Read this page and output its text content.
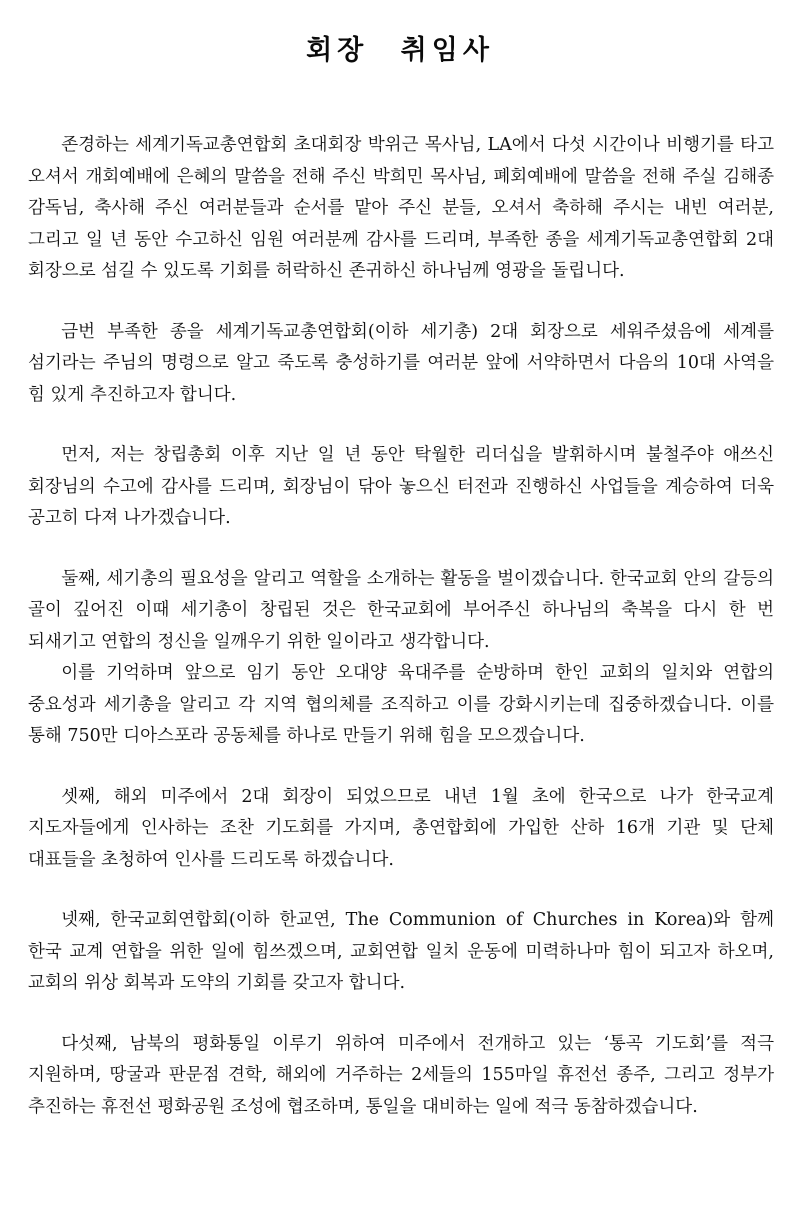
회장 취임사

존경하는 세계기독교총연합회 초대회장 박위근 목사님, LA에서 다섯 시간이나 비행기를 타고 오셔서 개회예배에 은혜의 말씀을 전해 주신 박희민 목사님, 폐회예배에 말씀을 전해 주실 김해종 감독님, 축사해 주신 여러분들과 순서를 맡아 주신 분들, 오셔서 축하해 주시는 내빈 여러분, 그리고 일 년 동안 수고하신 임원 여러분께 감사를 드리며, 부족한 종을 세계기독교총연합회 2대 회장으로 섬길 수 있도록 기회를 허락하신 존귀하신 하나님께 영광을 돌립니다.

금번 부족한 종을 세계기독교총연합회(이하 세기총) 2대 회장으로 세워주셨음에 세계를 섬기라는 주님의 명령으로 알고 죽도록 충성하기를 여러분 앞에 서약하면서 다음의 10대 사역을 힘 있게 추진하고자 합니다.

먼저, 저는 창립총회 이후 지난 일 년 동안 탁월한 리더십을 발휘하시며 불철주야 애쓰신 회장님의 수고에 감사를 드리며, 회장님이 닦아 놓으신 터전과 진행하신 사업들을 계승하여 더욱 공고히 다져 나가겠습니다.

둘째, 세기총의 필요성을 알리고 역할을 소개하는 활동을 벌이겠습니다. 한국교회 안의 갈등의 골이 깊어진 이때 세기총이 창립된 것은 한국교회에 부어주신 하나님의 축복을 다시 한 번 되새기고 연합의 정신을 일깨우기 위한 일이라고 생각합니다.

이를 기억하며 앞으로 임기 동안 오대양 육대주를 순방하며 한인 교회의 일치와 연합의 중요성과 세기총을 알리고 각 지역 협의체를 조직하고 이를 강화시키는데 집중하겠습니다. 이를 통해 750만 디아스포라 공동체를 하나로 만들기 위해 힘을 모으겠습니다.

셋째, 해외 미주에서 2대 회장이 되었으므로 내년 1월 초에 한국으로 나가 한국교계 지도자들에게 인사하는 조찬 기도회를 가지며, 총연합회에 가입한 산하 16개 기관 및 단체 대표들을 초청하여 인사를 드리도록 하겠습니다.

넷째, 한국교회연합회(이하 한교연, The Communion of Churches in Korea)와 함께 한국 교계 연합을 위한 일에 힘쓰겠으며, 교회연합 일치 운동에 미력하나마 힘이 되고자 하오며, 교회의 위상 회복과 도약의 기회를 갖고자 합니다.

다섯째, 남북의 평화통일 이루기 위하여 미주에서 전개하고 있는 ‘통곡 기도회’를 적극 지원하며, 땅굴과 판문점 견학, 해외에 거주하는 2세들의 155마일 휴전선 종주, 그리고 정부가 추진하는 휴전선 평화공원 조성에 협조하며, 통일을 대비하는 일에 적극 동참하겠습니다.
